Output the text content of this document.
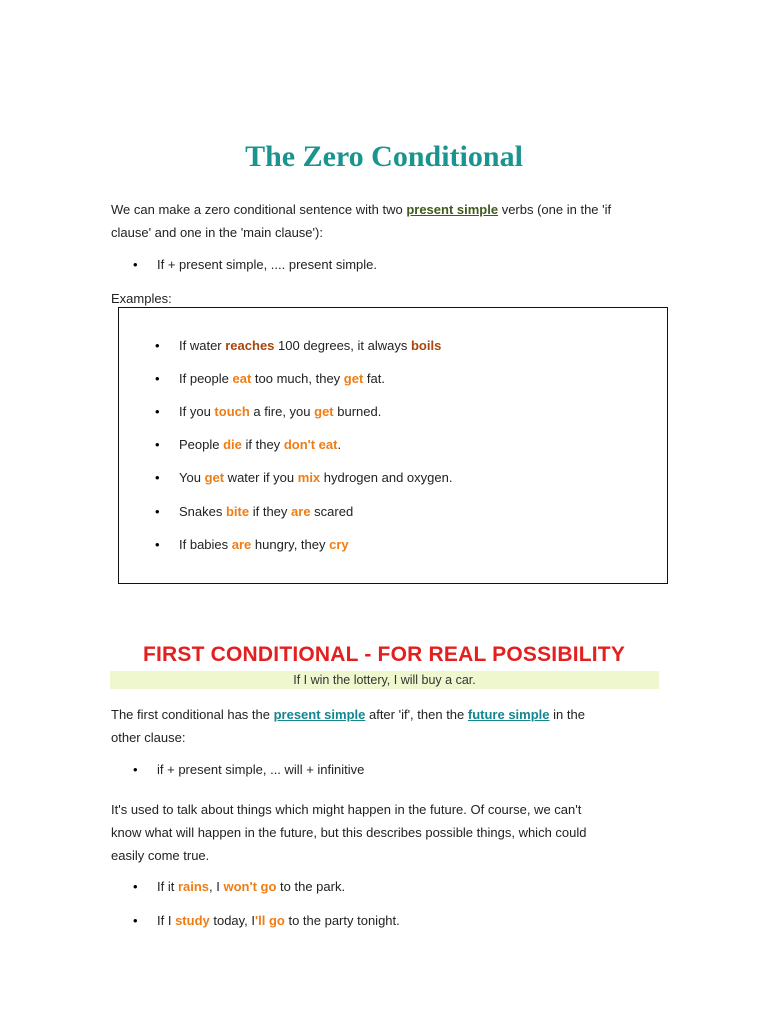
The Zero Conditional

We can make a zero conditional sentence with two present simple verbs (one in the 'if
clause' and one in the 'main clause'):

• If + present simple, .... present simple.

Examples:

• If water reaches 100 degrees, it always boils
• If people eat too much, they get fat.
• If you touch a fire, you get burned.
• People die if they don't eat.
• You get water if you mix hydrogen and oxygen.
• Snakes bite if they are scared
• If babies are hungry, they cry
FIRST CONDITIONAL - FOR REAL POSSIBILITY
If I win the lottery, I will buy a car.

The first conditional has the present simple after 'if', then the future simple in the
other clause:

• if + present simple, ... will + infinitive

It's used to talk about things which might happen in the future. Of course, we can't
know what will happen in the future, but this describes possible things, which could
easily come true.

• If it rains, I won't go to the park.
• If I study today, I'll go to the party tonight.
